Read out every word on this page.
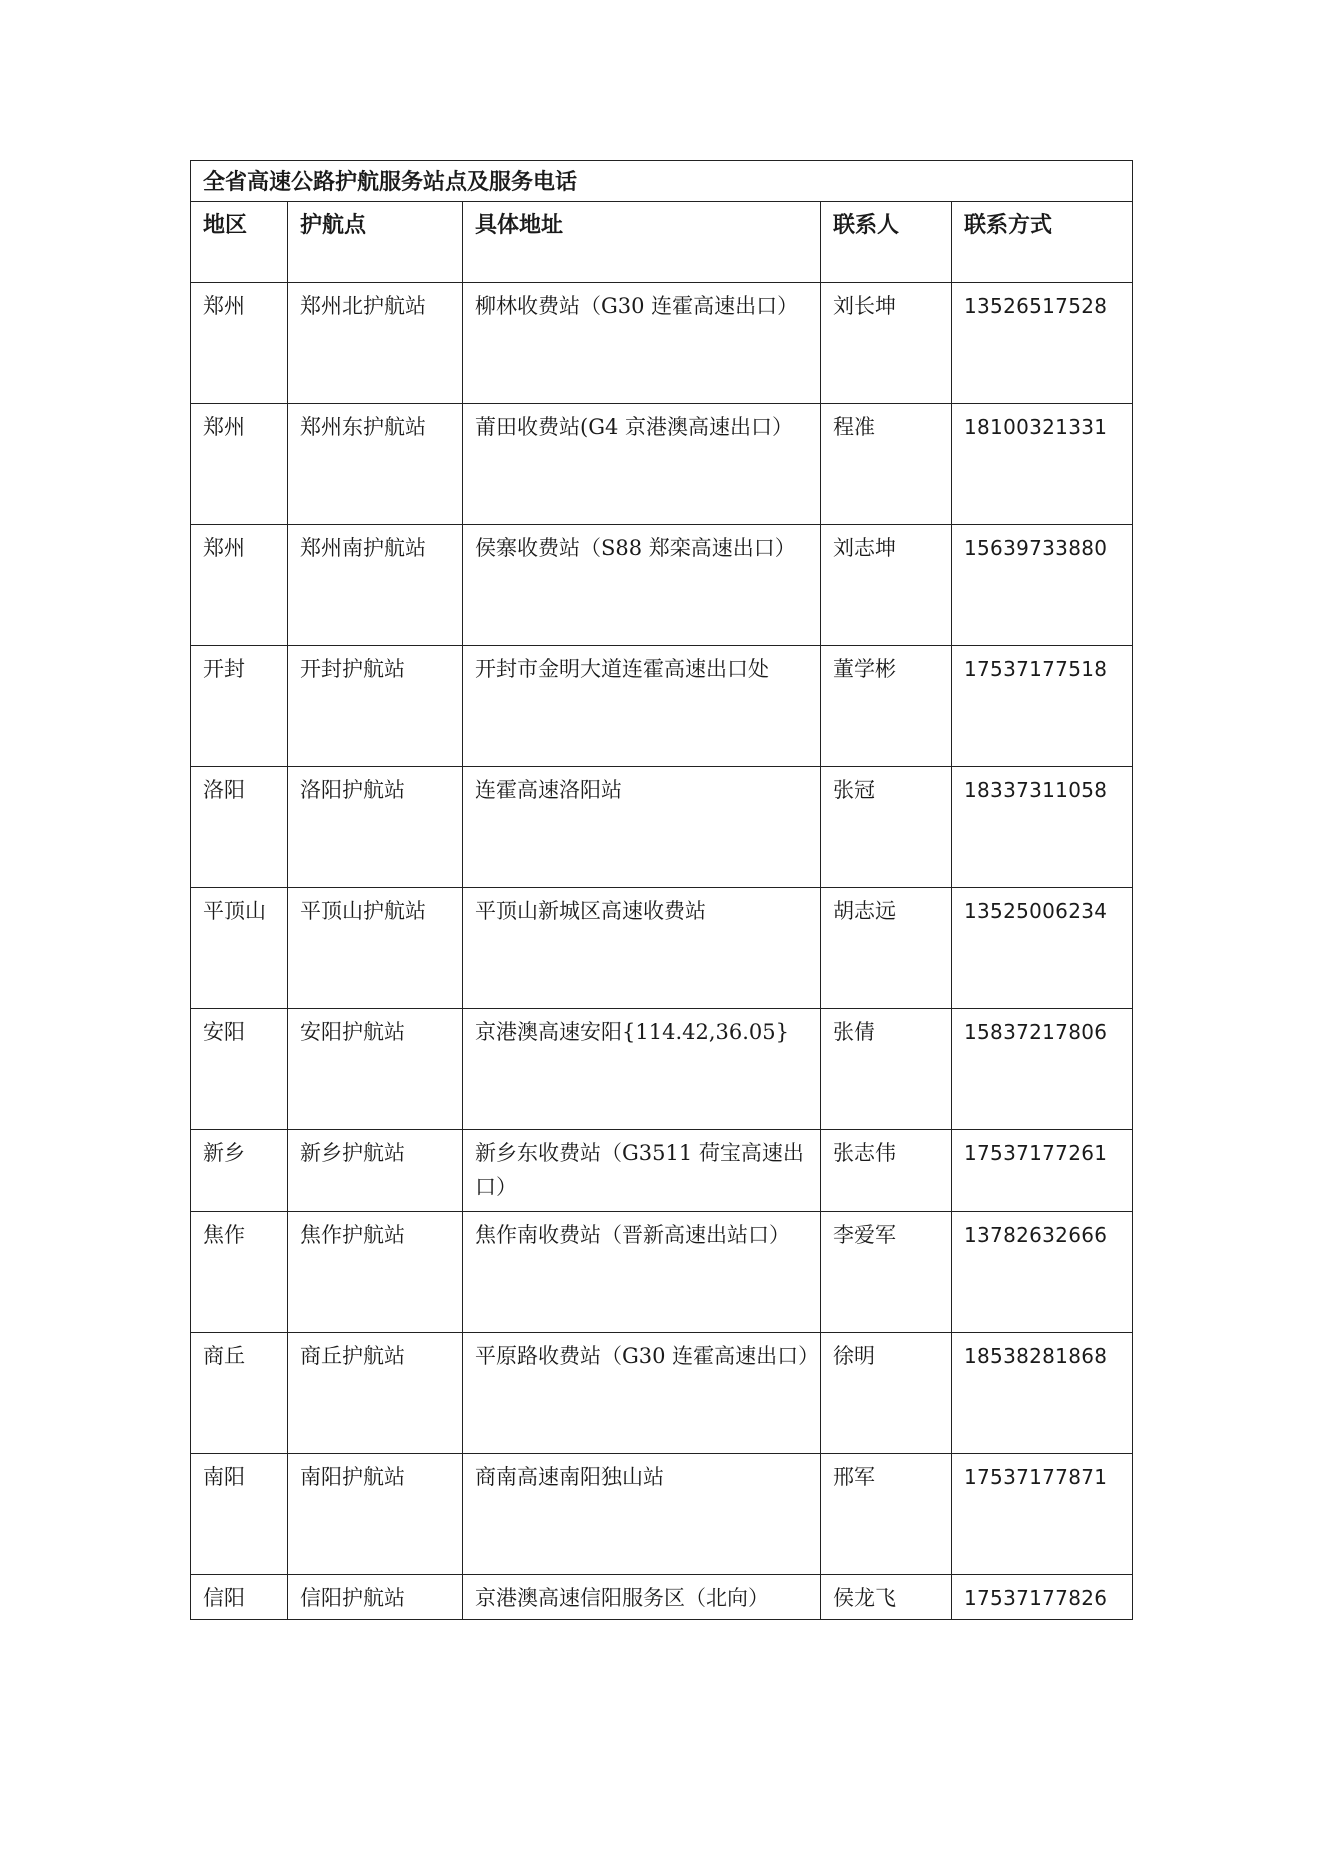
全省高速公路护航服务站点及服务电话				
地区	护航点	具体地址	联系人	联系方式
郑州	郑州北护航站	柳林收费站（G30 连霍高速出口）	刘长坤	13526517528
郑州	郑州东护航站	莆田收费站(G4 京港澳高速出口）	程准	18100321331
郑州	郑州南护航站	侯寨收费站（S88 郑栾高速出口）	刘志坤	15639733880
开封	开封护航站	开封市金明大道连霍高速出口处	董学彬	17537177518
洛阳	洛阳护航站	连霍高速洛阳站	张冠	18337311058
平顶山	平顶山护航站	平顶山新城区高速收费站	胡志远	13525006234
安阳	安阳护航站	京港澳高速安阳{114.42,36.05}	张倩	15837217806
新乡	新乡护航站	新乡东收费站（G3511 荷宝高速出口）	张志伟	17537177261
焦作	焦作护航站	焦作南收费站（晋新高速出站口）	李爱军	13782632666
商丘	商丘护航站	平原路收费站（G30 连霍高速出口）	徐明	18538281868
南阳	南阳护航站	商南高速南阳独山站	邢军	17537177871
信阳	信阳护航站	京港澳高速信阳服务区（北向）	侯龙飞	17537177826
